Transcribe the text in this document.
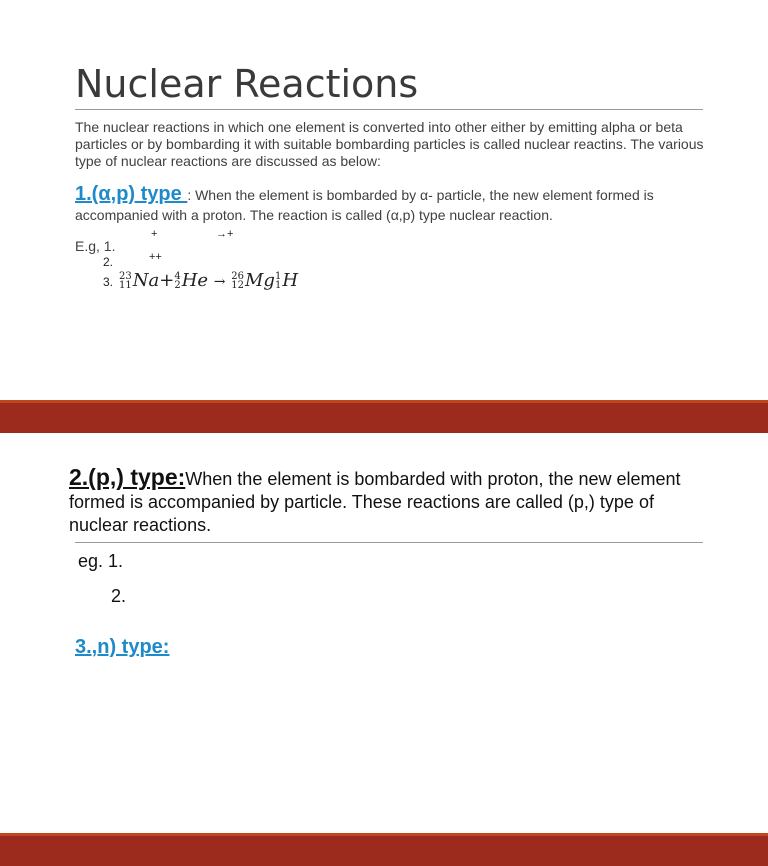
Nuclear Reactions
The nuclear reactions in which one element is converted into other either by emitting alpha or beta particles or by bombarding it with suitable bombarding particles is called nuclear reactins. The various type of nuclear reactions are discussed as below:
1.(α,p) type : When the element is bombarded by α- particle, the new element formed is accompanied with a proton. The reaction is called (α,p) type nuclear reaction.
+	→+
E.g, 1.
2.	++
3. 23
11 Na+ 4
2 He → 26
12 Mg 1
1 H
2.(p,) type:When the element is bombarded with proton, the new element formed is accompanied by particle. These reactions are called (p,) type of nuclear reactions.
eg. 1.
2.
3.,n) type:
